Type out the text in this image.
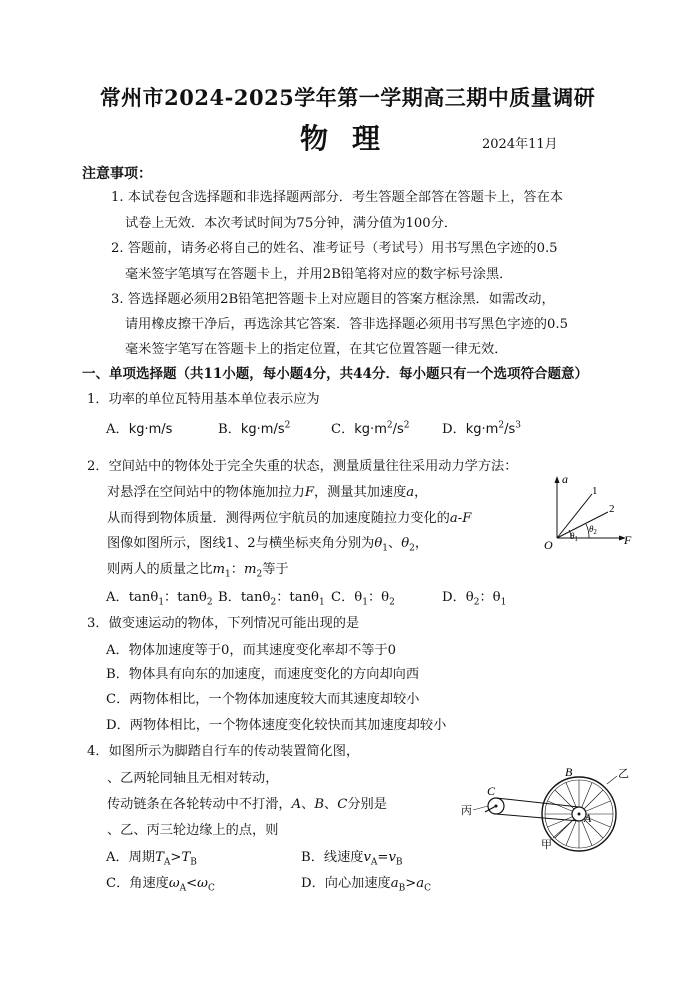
常州市2024-2025学年第一学期高三期中质量调研
物理	2024年11月
注意事项：
1. 本试卷包含选择题和非选择题两部分．考生答题全部答在答题卡上，答在本
试卷上无效．本次考试时间为75分钟，满分值为100分．
2. 答题前，请务必将自己的姓名、准考证号（考试号）用书写黑色字迹的0.5
毫米签字笔填写在答题卡上，并用2B铅笔将对应的数字标号涂黑．
3. 答选择题必须用2B铅笔把答题卡上对应题目的答案方框涂黑．如需改动，
请用橡皮擦干净后，再选涂其它答案．答非选择题必须用书写黑色字迹的0.5
毫米签字笔写在答题卡上的指定位置，在其它位置答题一律无效．
一、单项选择题（共11小题，每小题4分，共44分．每小题只有一个选项符合题意）
1．功率的单位瓦特用基本单位表示应为
A．kg·m/s	B．$kg\cdot m/s^2$	C．$kg\cdot m^2/s^2$ D．$kg\cdot m^2/s^3$
2．空间站中的物体处于完全失重的状态，测量质量往往采用动力学方法：
对悬浮在空间站中的物体施加拉力F，测量其加速度a，
从而得到物体质量．测得两位宇航员的加速度随拉力变化的a-F
图像如图所示，图线1、2与横坐标夹角分别为$\theta_1$、$\theta_2$，
则两人的质量之比$m_1$：$m_2$等于
A．tanθ$_1$：tanθ$_2$ B．tanθ$_2$：tanθ$_1$ C．$\theta_1$：$\theta_2$	D．$\theta_2$：$\theta_1$
a
F
O
1
2
$\theta_1$
$\theta_2$
3．做变速运动的物体，下列情况可能出现的是
A．物体加速度等于0，而其速度变化率却不等于0
B．物体具有向东的加速度，而速度变化的方向却向西
C．两物体相比，一个物体加速度较大而其速度却较小
D．两物体相比，一个物体速度变化较快而其加速度却较小
4．如图所示为脚踏自行车的传动装置简化图，
、乙两轮同轴且无相对转动，
传动链条在各轮转动中不打滑，A、B、C分别是
、乙、丙三轮边缘上的点，则
A．周期$T_A>T_B$	B．线速度$v_A=v_B$
C．角速度$\omega_A<\omega_C$	D．向心加速度$a_B>a_C$
B	乙
C
丙	A
甲
